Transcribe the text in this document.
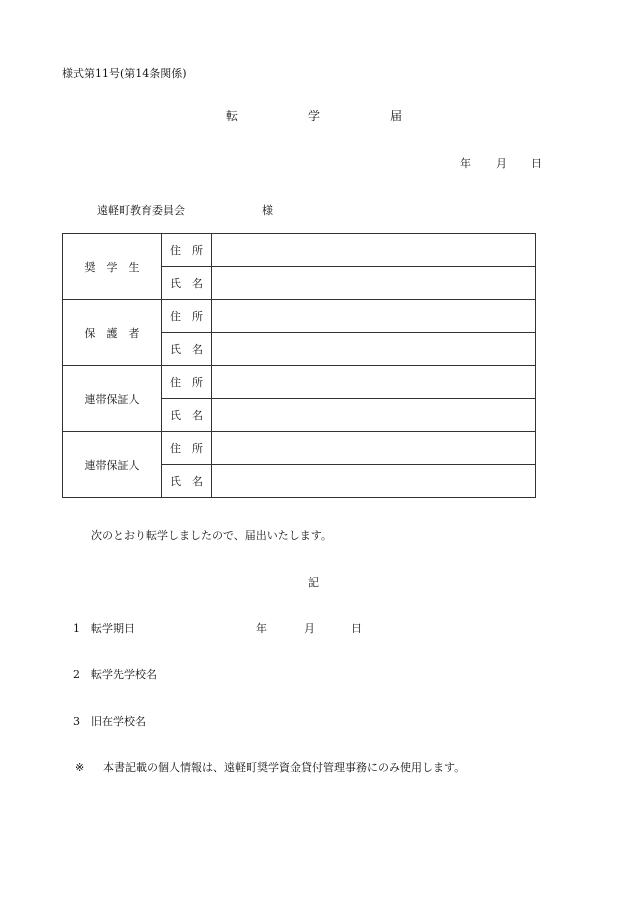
様式第11号(第14条関係)
転	学	届
年 月 日
遠軽町教育委員会	様
奨　学　生	住　所	
	氏　名	
保　護　者	住　所	
	氏　名	
連帯保証人	住　所	
	氏　名	
連帯保証人	住　所	
	氏　名	
次のとおり転学しましたので、届出いたします。
記
1 転学期日	年	月	日
2 転学先学校名
3 旧在学校名
※ 本書記載の個人情報は、遠軽町奨学資金貸付管理事務にのみ使用します。
